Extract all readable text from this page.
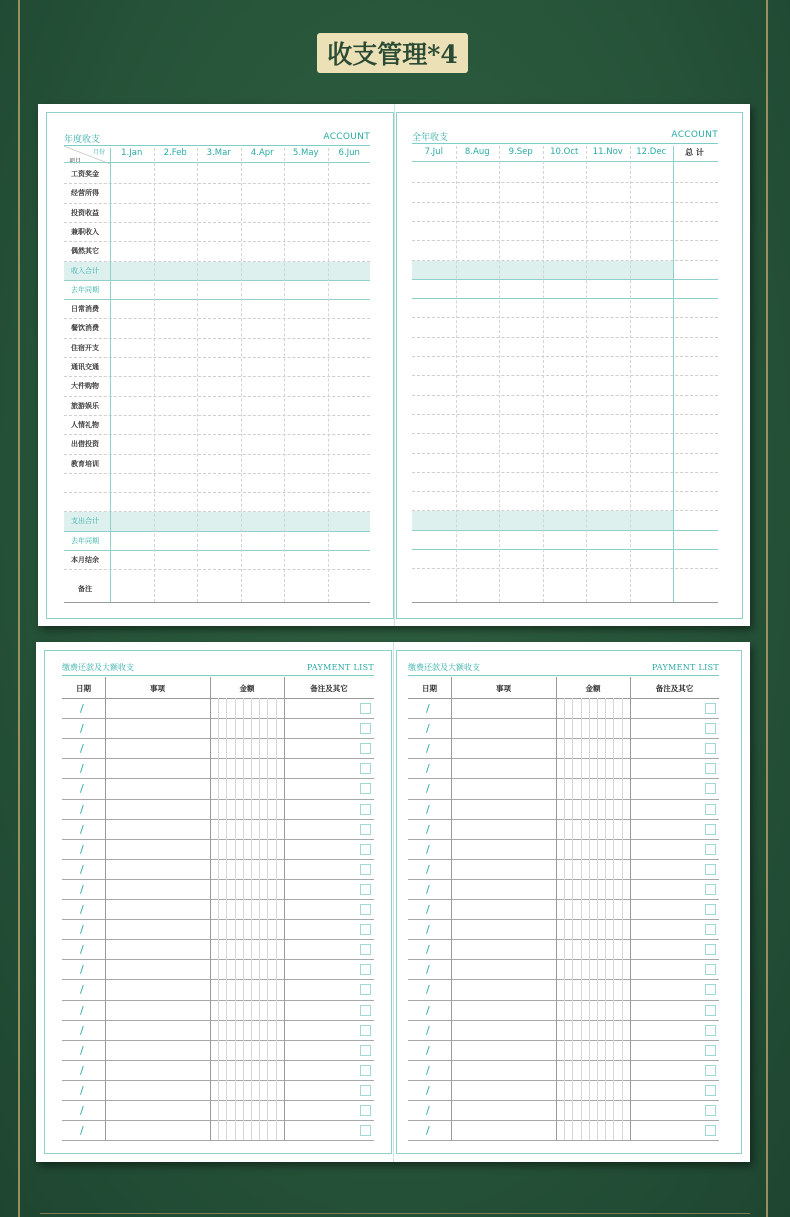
收支管理*4
年度收支	ACCOUNT	全年收支	ACCOUNT
月份
项目
1.Jan	2.Feb	3.Mar	4.Apr	5.May	6.Jun	7.Jul	8.Aug	9.Sep	10.Oct	11.Nov	12.Dec	总 计
工资奖金
经营所得
投资收益
兼职收入
偶然其它
收入合计
去年同期
日常消费
餐饮消费
住宿开支
通讯交通
大件购物
旅游娱乐
人情礼物
出借投资
教育培训
支出合计
去年同期
本月结余
备注
缴费还款及大额收支	PAYMENT LIST
日期	事项	金额	备注及其它
/
/
/
/
/
/
/
/
/
/
/
/
/
/
/
/
/
/
/
/
/
/
缴费还款及大额收支	PAYMENT LIST
日期	事项	金额	备注及其它
/
/
/
/
/
/
/
/
/
/
/
/
/
/
/
/
/
/
/
/
/
/
